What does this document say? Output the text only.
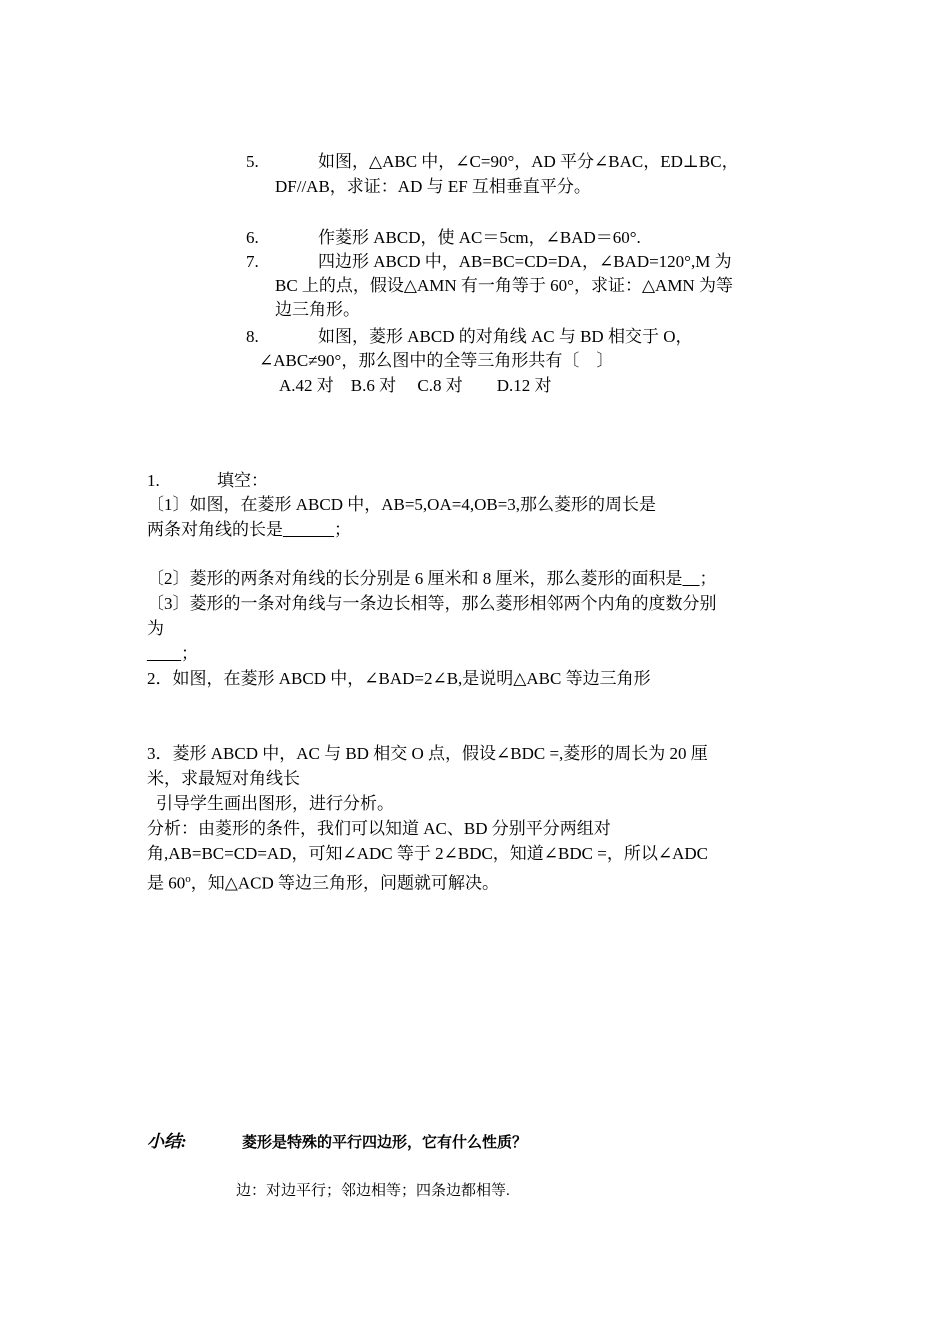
5.	如图，△ABC 中，∠C=90°，AD 平分∠BAC，ED⊥BC，
DF//AB，求证：AD 与 EF 互相垂直平分。
6.	作菱形 ABCD，使 AC＝5cm，∠BAD＝60°.
7.	四边形 ABCD 中，AB=BC=CD=DA，∠BAD=120°,M 为
BC 上的点，假设△AMN 有一角等于 60°，求证：△AMN 为等
边三角形。
8.	如图，菱形 ABCD 的对角线 AC 与 BD 相交于 O，
∠ABC≠90°，那么图中的全等三角形共有〔　〕
A.42 对　B.6 对　 C.8 对　　D.12 对
1.	填空：
〔1〕如图，在菱形 ABCD 中，AB=5,OA=4,OB=3,那么菱形的周长是
两条对角线的长是______；
〔2〕菱形的两条对角线的长分别是 6 厘米和 8 厘米，那么菱形的面积是__；
〔3〕菱形的一条对角线与一条边长相等，那么菱形相邻两个内角的度数分别
为
____；
2．如图，在菱形 ABCD 中，∠BAD=2∠B,是说明△ABC 等边三角形
3．菱形 ABCD 中，AC 与 BD 相交 O 点，假设∠BDC =,菱形的周长为 20 厘
米，求最短对角线长
引导学生画出图形，进行分析。
分析：由菱形的条件，我们可以知道 AC、BD 分别平分两组对
角,AB=BC=CD=AD，可知∠ADC 等于 2∠BDC，知道∠BDC =，所以∠ADC
是 60$^o$，知△ACD 等边三角形，问题就可解决。
小结:	菱形是特殊的平行四边形，它有什么性质？
边：对边平行；邻边相等；四条边都相等.
